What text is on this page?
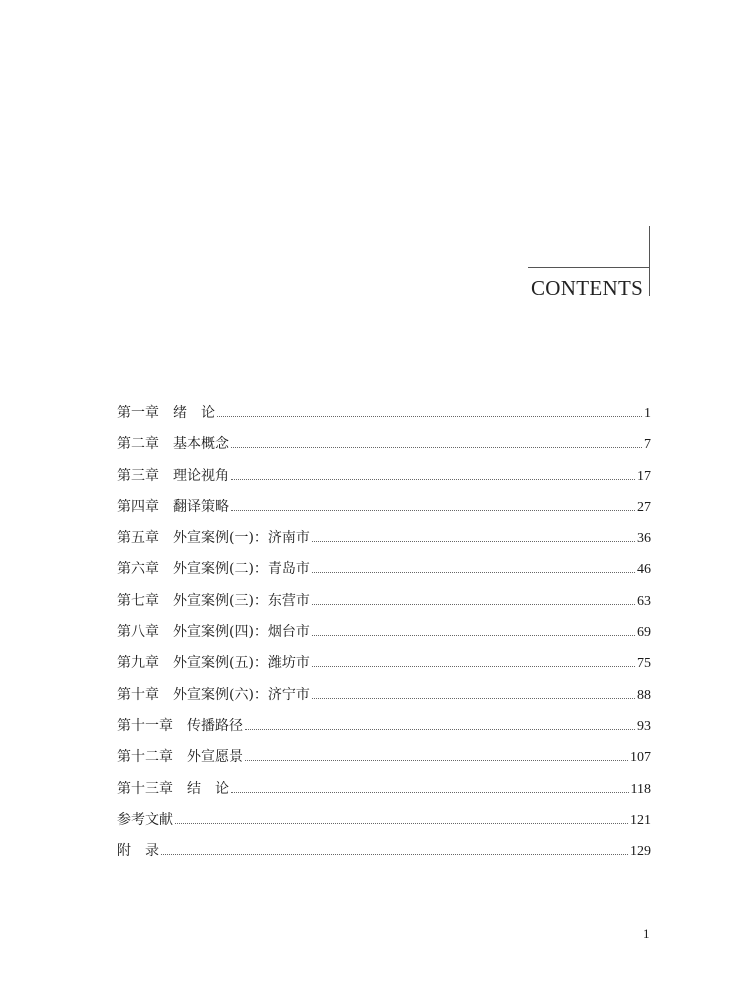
CONTENTS
第一章　绪　论	1
第二章　基本概念	7
第三章　理论视角	17
第四章　翻译策略	27
第五章　外宣案例(一)：济南市	36
第六章　外宣案例(二)：青岛市	46
第七章　外宣案例(三)：东营市	63
第八章　外宣案例(四)：烟台市	69
第九章　外宣案例(五)：潍坊市	75
第十章　外宣案例(六)：济宁市	88
第十一章　传播路径	93
第十二章　外宣愿景	107
第十三章　结　论	118
参考文献	121
附　录	129
1
